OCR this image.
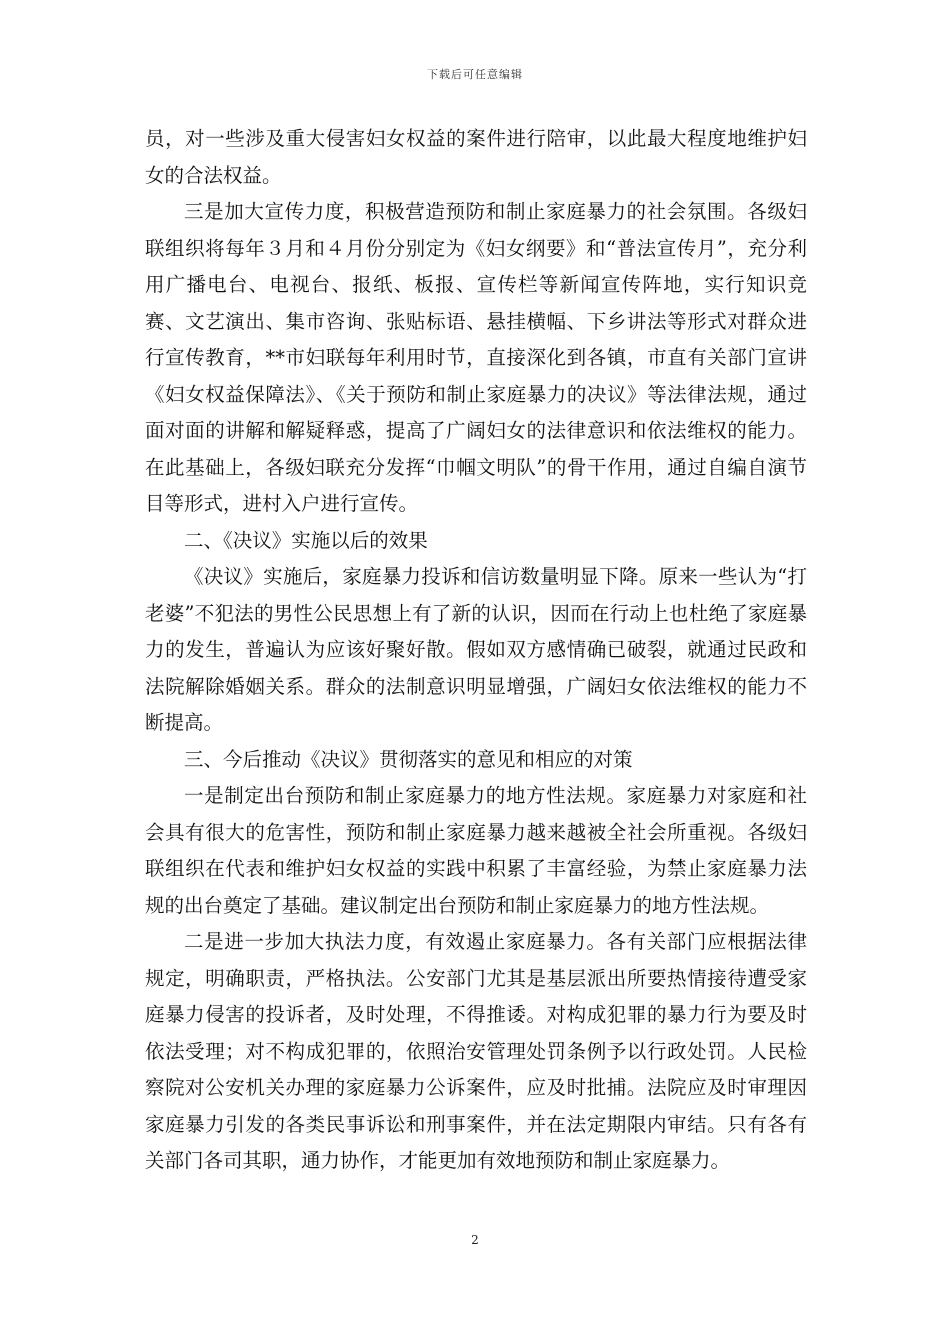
下载后可任意编辑

员，对一些涉及重大侵害妇女权益的案件进行陪审，以此最大程度地维护妇女的合法权益。

三是加大宣传力度，积极营造预防和制止家庭暴力的社会氛围。各级妇联组织将每年３月和４月份分别定为《妇女纲要》和“普法宣传月”，充分利用广播电台、电视台、报纸、板报、宣传栏等新闻宣传阵地，实行知识竞赛、文艺演出、集市咨询、张贴标语、悬挂横幅、下乡讲法等形式对群众进行宣传教育，**市妇联每年利用时节，直接深化到各镇，市直有关部门宣讲《妇女权益保障法》、《关于预防和制止家庭暴力的决议》等法律法规，通过面对面的讲解和解疑释惑，提高了广阔妇女的法律意识和依法维权的能力。在此基础上，各级妇联充分发挥“巾帼文明队”的骨干作用，通过自编自演节目等形式，进村入户进行宣传。

二、《决议》实施以后的效果

《决议》实施后，家庭暴力投诉和信访数量明显下降。原来一些认为“打老婆”不犯法的男性公民思想上有了新的认识，因而在行动上也杜绝了家庭暴力的发生，普遍认为应该好聚好散。假如双方感情确已破裂，就通过民政和法院解除婚姻关系。群众的法制意识明显增强，广阔妇女依法维权的能力不断提高。

三、今后推动《决议》贯彻落实的意见和相应的对策

一是制定出台预防和制止家庭暴力的地方性法规。家庭暴力对家庭和社会具有很大的危害性，预防和制止家庭暴力越来越被全社会所重视。各级妇联组织在代表和维护妇女权益的实践中积累了丰富经验，为禁止家庭暴力法规的出台奠定了基础。建议制定出台预防和制止家庭暴力的地方性法规。

二是进一步加大执法力度，有效遏止家庭暴力。各有关部门应根据法律规定，明确职责，严格执法。公安部门尤其是基层派出所要热情接待遭受家庭暴力侵害的投诉者，及时处理，不得推诿。对构成犯罪的暴力行为要及时依法受理；对不构成犯罪的，依照治安管理处罚条例予以行政处罚。人民检察院对公安机关办理的家庭暴力公诉案件，应及时批捕。法院应及时审理因家庭暴力引发的各类民事诉讼和刑事案件，并在法定期限内审结。只有各有关部门各司其职，通力协作，才能更加有效地预防和制止家庭暴力。

2
